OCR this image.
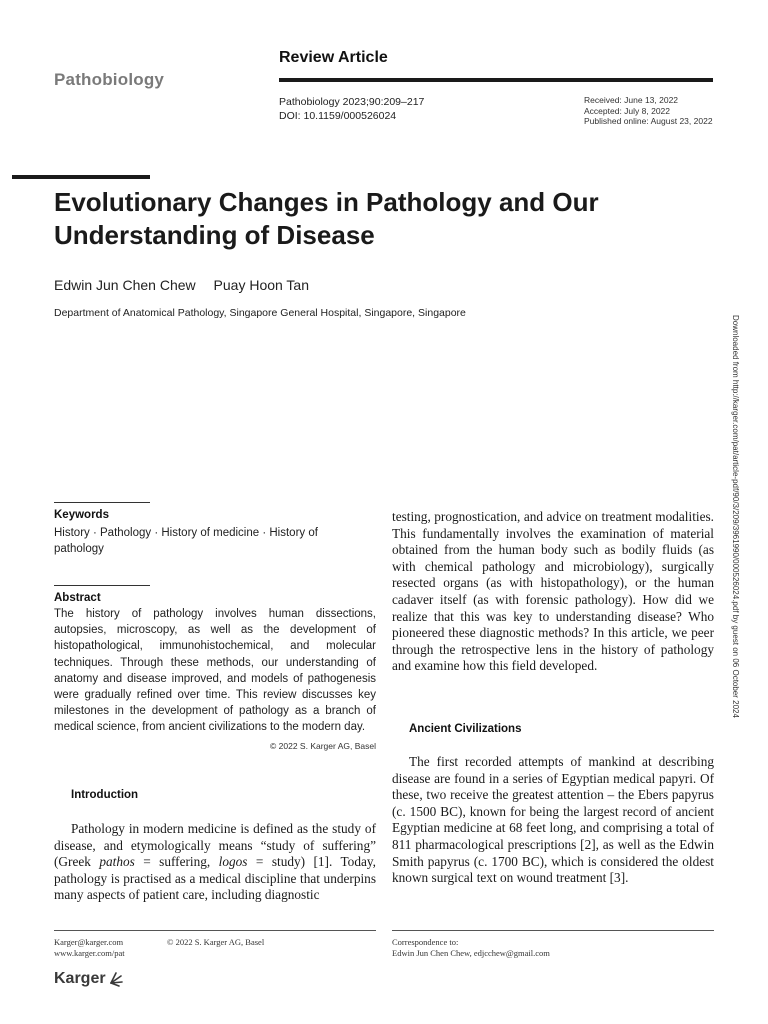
Pathobiology
Review Article
Pathobiology 2023;90:209–217
DOI: 10.1159/000526024
Received: June 13, 2022
Accepted: July 8, 2022
Published online: August 23, 2022
Evolutionary Changes in Pathology and Our Understanding of Disease
Edwin Jun Chen Chew Puay Hoon Tan
Department of Anatomical Pathology, Singapore General Hospital, Singapore, Singapore
Downloaded from http://karger.com/pat/article-pdf/90/3/209/3961990/000526024.pdf by guest on 06 October 2024
Keywords
History · Pathology · History of medicine · History of pathology
Abstract
The history of pathology involves human dissections, autopsies, microscopy, as well as the development of histopathological, immunohistochemical, and molecular techniques. Through these methods, our understanding of anatomy and disease improved, and models of pathogenesis were gradually refined over time. This review discusses key milestones in the development of pathology as a branch of medical science, from ancient civilizations to the modern day.
© 2022 S. Karger AG, Basel
Introduction
Pathology in modern medicine is defined as the study of disease, and etymologically means “study of suffering” (Greek pathos = suffering, logos = study) [1]. Today, pathology is practised as a medical discipline that underpins many aspects of patient care, including diagnostic
testing, prognostication, and advice on treatment modalities. This fundamentally involves the examination of material obtained from the human body such as bodily fluids (as with chemical pathology and microbiology), surgically resected organs (as with histopathology), or the human cadaver itself (as with forensic pathology). How did we realize that this was key to understanding disease? Who pioneered these diagnostic methods? In this article, we peer through the retrospective lens in the history of pathology and examine how this field developed.
Ancient Civilizations
The first recorded attempts of mankind at describing disease are found in a series of Egyptian medical papyri. Of these, two receive the greatest attention – the Ebers papyrus (c. 1500 BC), known for being the largest record of ancient Egyptian medicine at 68 feet long, and comprising a total of 811 pharmacological prescriptions [2], as well as the Edwin Smith papyrus (c. 1700 BC), which is considered the oldest known surgical text on wound treatment [3].
Karger@karger.com
www.karger.com/pat
© 2022 S. Karger AG, Basel	Correspondence to:
Edwin Jun Chen Chew, edjcchew@gmail.com
Karger
